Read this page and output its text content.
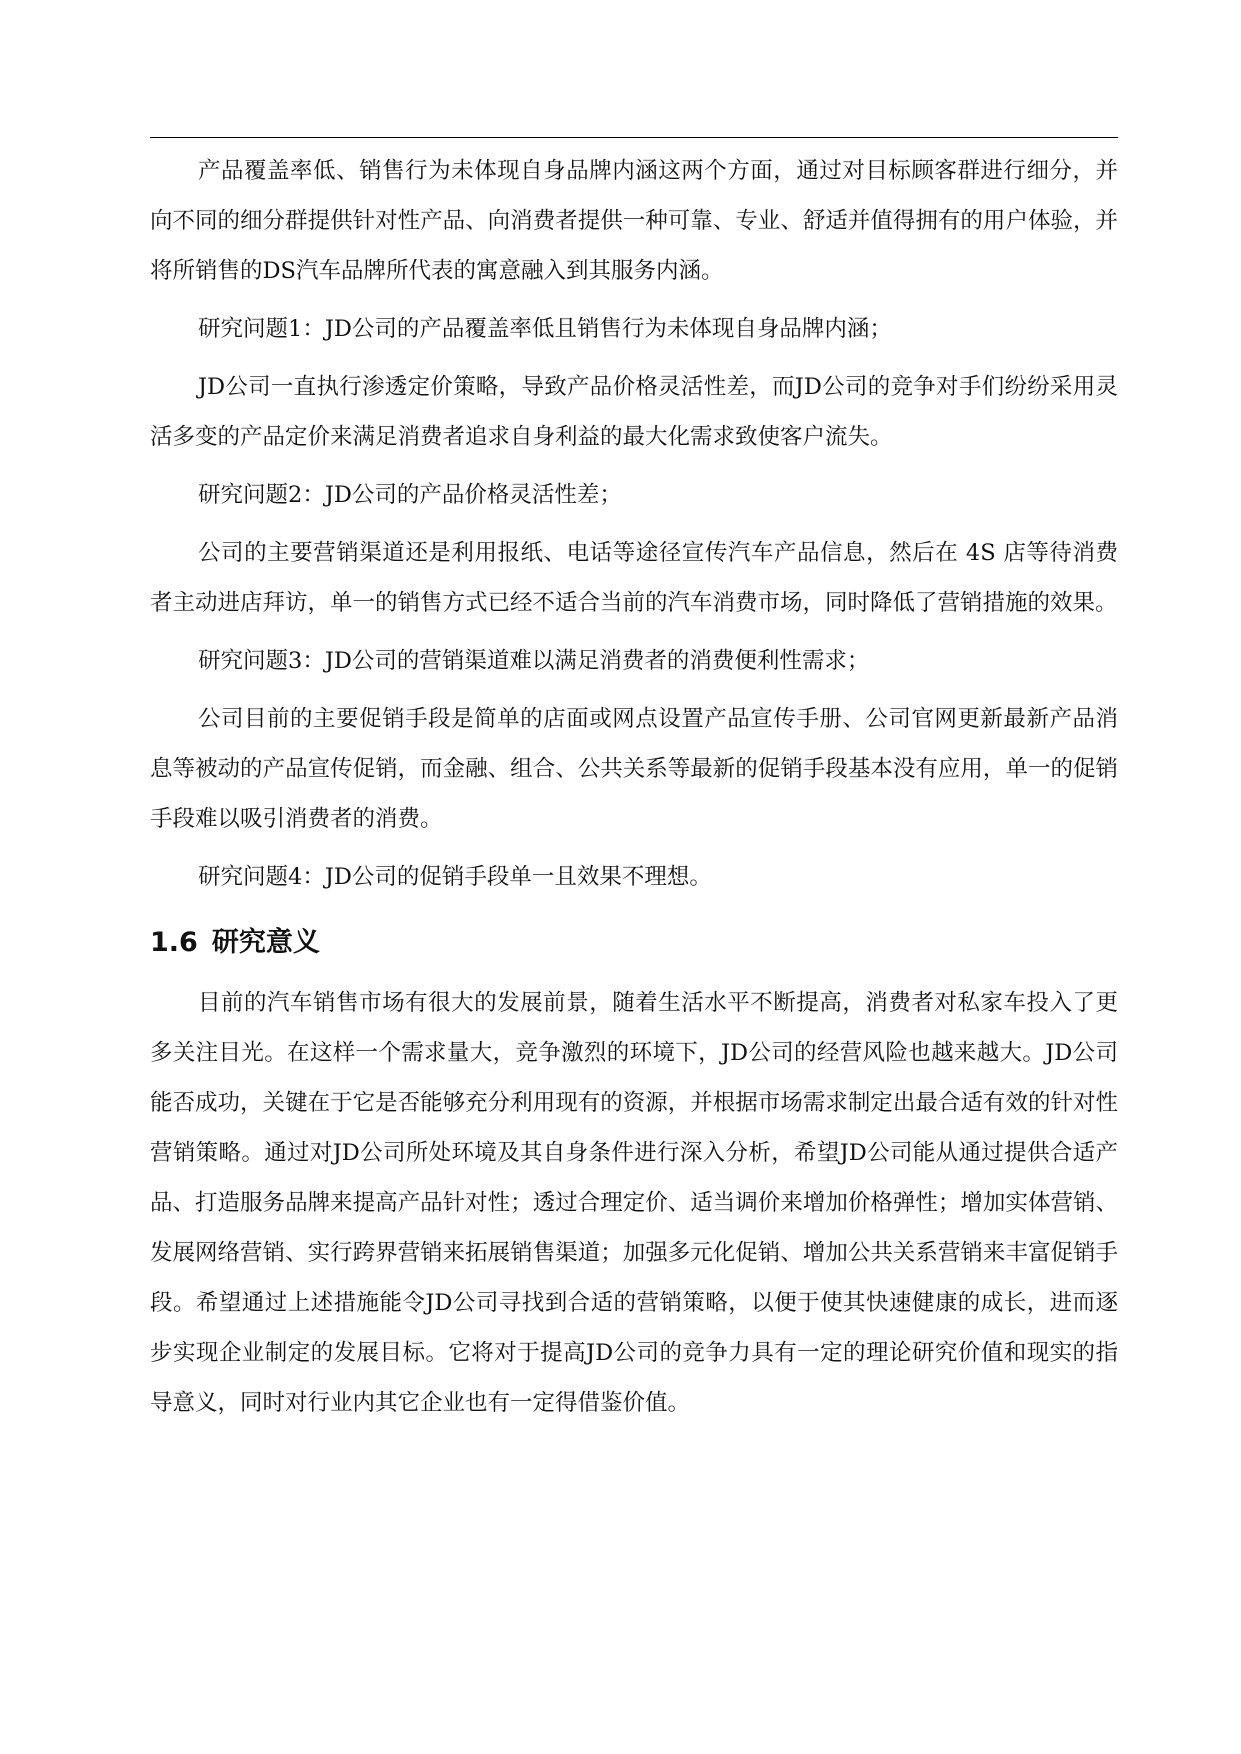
产品覆盖率低、销售行为未体现自身品牌内涵这两个方面，通过对目标顾客群进行细分，并向不同的细分群提供针对性产品、向消费者提供一种可靠、专业、舒适并值得拥有的用户体验，并将所销售的DS汽车品牌所代表的寓意融入到其服务内涵。

研究问题1：JD公司的产品覆盖率低且销售行为未体现自身品牌内涵；

JD公司一直执行渗透定价策略，导致产品价格灵活性差，而JD公司的竞争对手们纷纷采用灵活多变的产品定价来满足消费者追求自身利益的最大化需求致使客户流失。

研究问题2：JD公司的产品价格灵活性差；

公司的主要营销渠道还是利用报纸、电话等途径宣传汽车产品信息，然后在 4S 店等待消费者主动进店拜访，单一的销售方式已经不适合当前的汽车消费市场，同时降低了营销措施的效果。

研究问题3：JD公司的营销渠道难以满足消费者的消费便利性需求；

公司目前的主要促销手段是简单的店面或网点设置产品宣传手册、公司官网更新最新产品消息等被动的产品宣传促销，而金融、组合、公共关系等最新的促销手段基本没有应用，单一的促销手段难以吸引消费者的消费。

研究问题4：JD公司的促销手段单一且效果不理想。

1.6 研究意义

目前的汽车销售市场有很大的发展前景，随着生活水平不断提高，消费者对私家车投入了更多关注目光。在这样一个需求量大，竞争激烈的环境下，JD公司的经营风险也越来越大。JD公司能否成功，关键在于它是否能够充分利用现有的资源，并根据市场需求制定出最合适有效的针对性营销策略。通过对JD公司所处环境及其自身条件进行深入分析，希望JD公司能从通过提供合适产品、打造服务品牌来提高产品针对性；透过合理定价、适当调价来增加价格弹性；增加实体营销、发展网络营销、实行跨界营销来拓展销售渠道；加强多元化促销、增加公共关系营销来丰富促销手段。希望通过上述措施能令JD公司寻找到合适的营销策略，以便于使其快速健康的成长，进而逐步实现企业制定的发展目标。它将对于提高JD公司的竞争力具有一定的理论研究价值和现实的指导意义，同时对行业内其它企业也有一定得借鉴价值。
